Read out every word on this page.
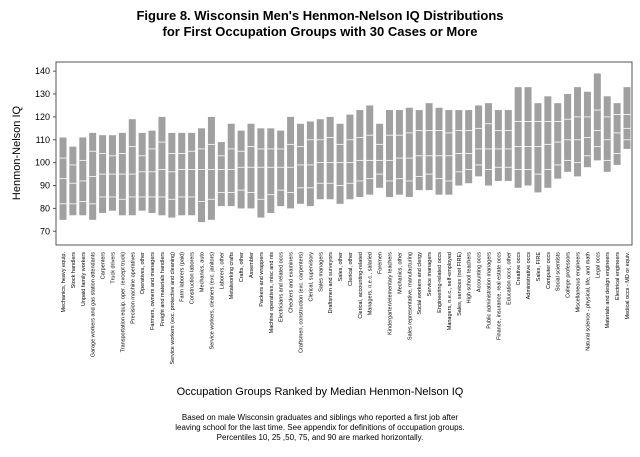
Figure 8. Wisconsin Men's Henmon-Nelson IQ Distributions
for First Occupation Groups with 30 Cases or More
70
80
90
100
110
120
130
140
Henmon-Nelson IQ
Mechanics, heavy equip. Stock handlers Unpaid family workers Garage workers and gas station attendants Carpenters Truck drivers Transportation equip. oper. (except truck) Precision machine operatives Operatives, other Farmers, owners and managers Freight and materials handlers Service workers (exc. protective and cleaning) Farm laborers (paid) Construction laborers Mechanics, auto Service workers, cleaners (exc. janitors) Laborers, other Metalworking crafts Crafts, other Assembler Packers and wrappers Machine operatives, misc and nis Electricians and related occs Checkers and examiners Craftsmen, construction (exc. carpenters) Clerical, supervisory Sales managers Draftsmen and surveyors Sales, other Clerical, other Clerical, accounting-related Managers, n.e.c., salaried Foremen Kindergarten/elementary teachers Mechanics, other Sales representative, manufacturing Social workers and clergy Service managers Engineering-related occs Managers, n.e.c., self-employed Sales, services (not FIRE) High school teachers Accounting occs Public administration managers Finance, insurance, real estate occs Education occs, other Creative occs Administrative occs Sales, FIRE Computer occs Social scientists College professors Miscellaneous engineers Natural science - physical, life, and math Legal occs Materials and design engineers Electrical engineers Medical occs - MD or equiv.
Occupation Groups Ranked by Median Henmon-Nelson IQ
Based on male Wisconsin graduates and siblings who reported a first job after
leaving school for the last time. See appendix for definitions of occupation groups.
Percentiles 10, 25 ,50, 75, and 90 are marked horizontally.
